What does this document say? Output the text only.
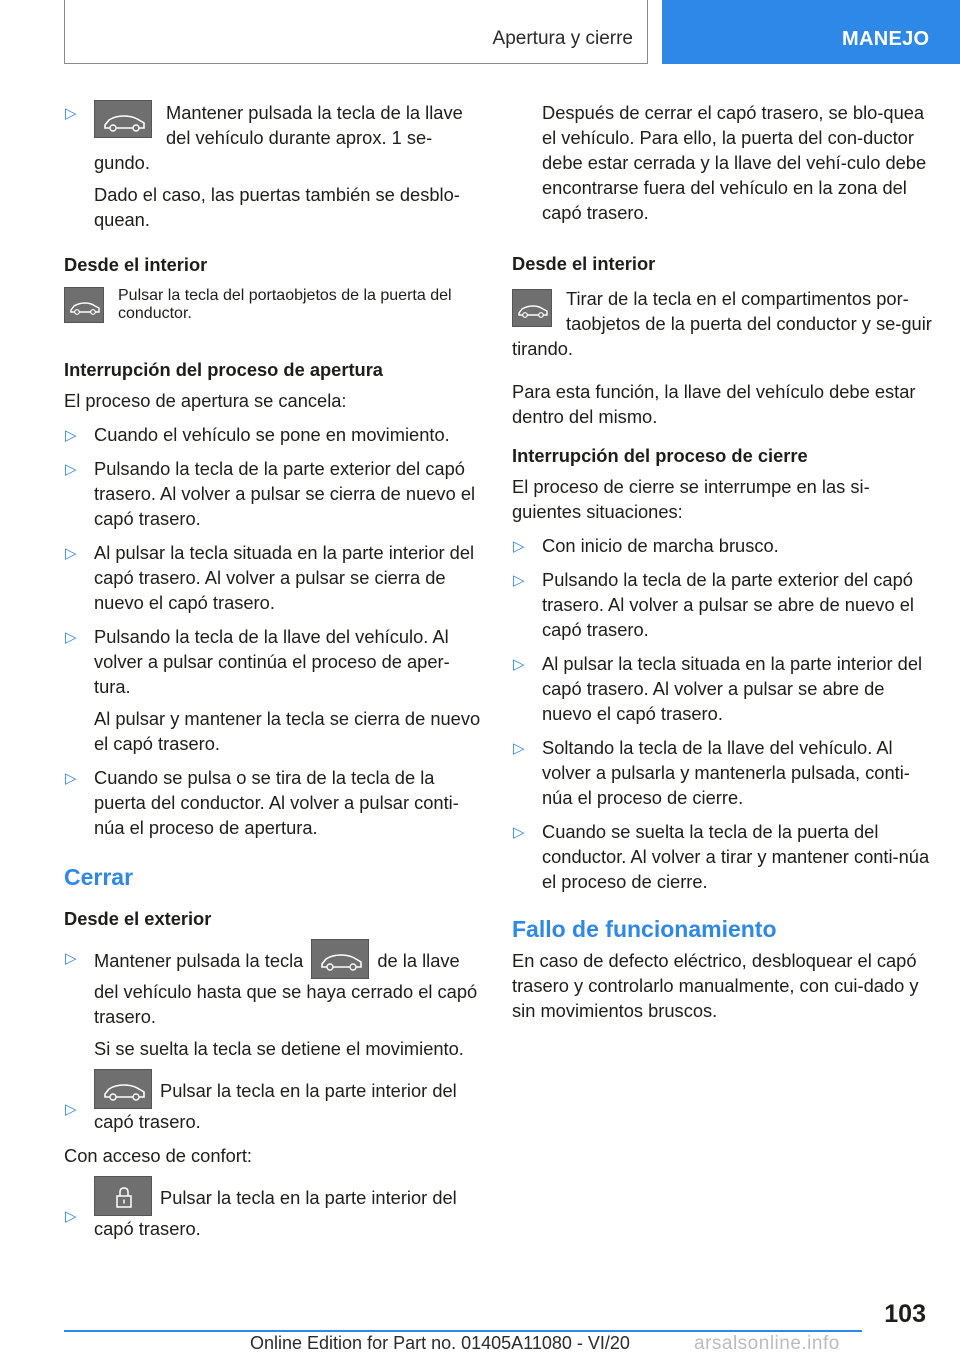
Apertura y cierre	MANEJO
▷	Mantener pulsada la tecla de la llave del vehículo durante aprox. 1 se‐gundo.

Dado el caso, las puertas también se desblo‐quean.

Desde el interior
Pulsar la tecla del portaobjetos de la puerta del conductor.
Interrupción del proceso de apertura

El proceso de apertura se cancela:

▷ Cuando el vehículo se pone en movimiento.
▷ Pulsando la tecla de la parte exterior del capó trasero. Al volver a pulsar se cierra de nuevo el capó trasero.
▷ Al pulsar la tecla situada en la parte interior del capó trasero. Al volver a pulsar se cierra de nuevo el capó trasero.
▷ Pulsando la tecla de la llave del vehículo. Al volver a pulsar continúa el proceso de aper‐tura.

Al pulsar y mantener la tecla se cierra de nuevo el capó trasero.

▷ Cuando se pulsa o se tira de la tecla de la puerta del conductor. Al volver a pulsar conti‐núa el proceso de apertura.
Cerrar
Desde el exterior
▷ Mantener pulsada la tecla	de la llave del vehículo hasta que se haya cerrado el capó trasero.

Si se suelta la tecla se detiene el movimiento.

▷
Pulsar la tecla en la parte interior del capó trasero.

Con acceso de confort:

▷
Pulsar la tecla en la parte interior del capó trasero.

Después de cerrar el capó trasero, se blo‐quea el vehículo. Para ello, la puerta del con‐ductor debe estar cerrada y la llave del vehí‐culo debe encontrarse fuera del vehículo en la zona del capó trasero.

Desde el interior
Tirar de la tecla en el compartimentos por‐taobjetos de la puerta del conductor y se‐guir tirando.

Para esta función, la llave del vehículo debe estar dentro del mismo.

Interrupción del proceso de cierre

El proceso de cierre se interrumpe en las si‐guientes situaciones:

▷ Con inicio de marcha brusco.
▷ Pulsando la tecla de la parte exterior del capó trasero. Al volver a pulsar se abre de nuevo el capó trasero.
▷ Al pulsar la tecla situada en la parte interior del capó trasero. Al volver a pulsar se abre de nuevo el capó trasero.
▷ Soltando la tecla de la llave del vehículo. Al volver a pulsarla y mantenerla pulsada, conti‐núa el proceso de cierre.
▷ Cuando se suelta la tecla de la puerta del conductor. Al volver a tirar y mantener conti‐núa el proceso de cierre.
Fallo de funcionamiento

En caso de defecto eléctrico, desbloquear el capó trasero y controlarlo manualmente, con cui‐dado y sin movimientos bruscos.

103
Online Edition for Part no. 01405A11080 - VI/20	arsalsonline.info
